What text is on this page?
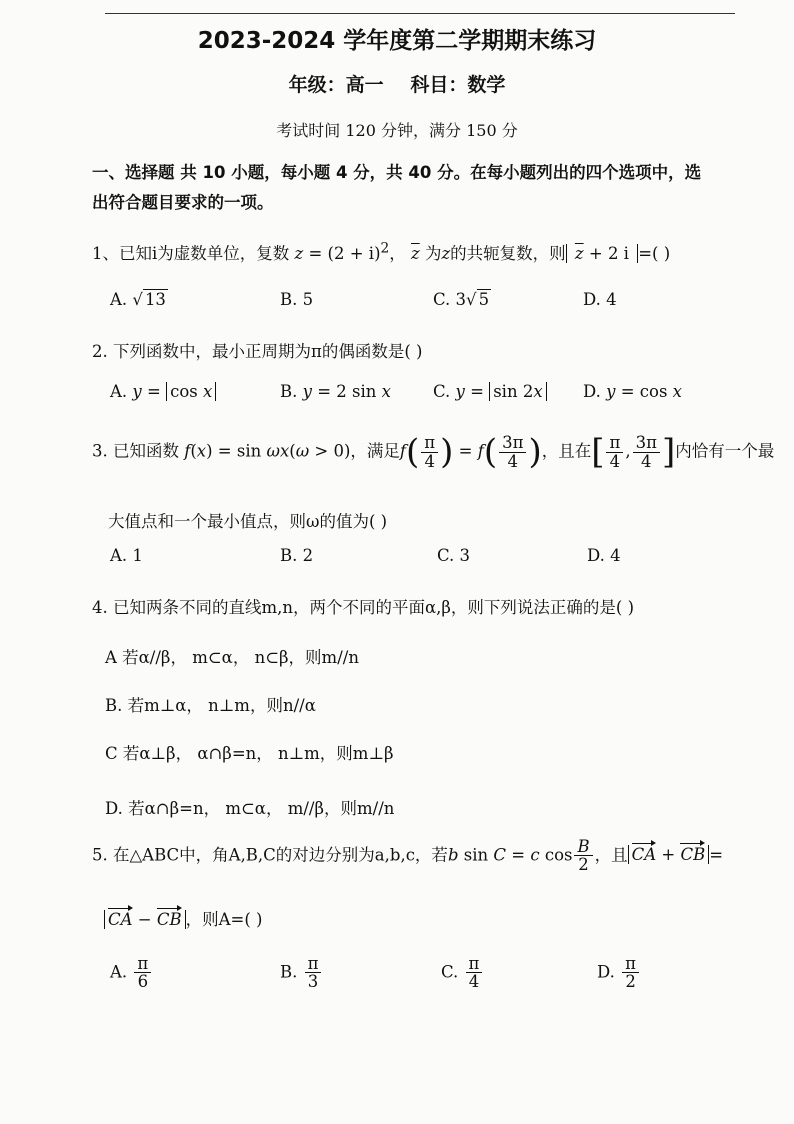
2023-2024 学年度第二学期期末练习
年级：高一 科目：数学
考试时间 120 分钟，满分 150 分
一、选择题 共 10 小题，每小题 4 分，共 40 分。在每小题列出的四个选项中，选
出符合题目要求的一项。
1、已知i为虚数单位，复数 $z = (2 + i)^2$， $\overline{z}$ 为z的共轭复数，则 $\overline{z} + 2$ i =( )
A. √ 13	B. 5	C. 3√ 5	D. 4
2. 下列函数中，最小正周期为π的偶函数是( )
A. y = cos x	B. y = 2 sin x	C. y = sin 2x D. y = cos x
3. 已知函数 f(x) = sin ωx(ω > 0)，满足$f( \frac{\pi}{4}$ ) = $f( \frac{3\pi}{4}$ )，且在[ $\frac{\pi}{4}$ , $\frac{3\pi}{4}$ ]内恰有一个最
大值点和一个最小值点，则ω的值为( )
A. 1	B. 2	C. 3	D. 4
4. 已知两条不同的直线m,n，两个不同的平面α,β，则下列说法正确的是( )
A 若α//β， m⊂α， n⊂β，则m//n
B. 若m⊥α， n⊥m，则n//α
C 若α⊥β， α∩β=n， n⊥m，则m⊥β
D. 若α∩β=n， m⊂α， m//β，则m//n
5. 在△ABC中，角A,B,C的对边分别为a,b,c，若b sin C = c $\cos \frac{B}{2}$ ，且 CA + CB =
CA − CB ，则A=( )
A. $\frac{\pi}{6}$	B. $\frac{\pi}{3}$	C. $\frac{\pi}{4}$	D. $\frac{\pi}{2}$
